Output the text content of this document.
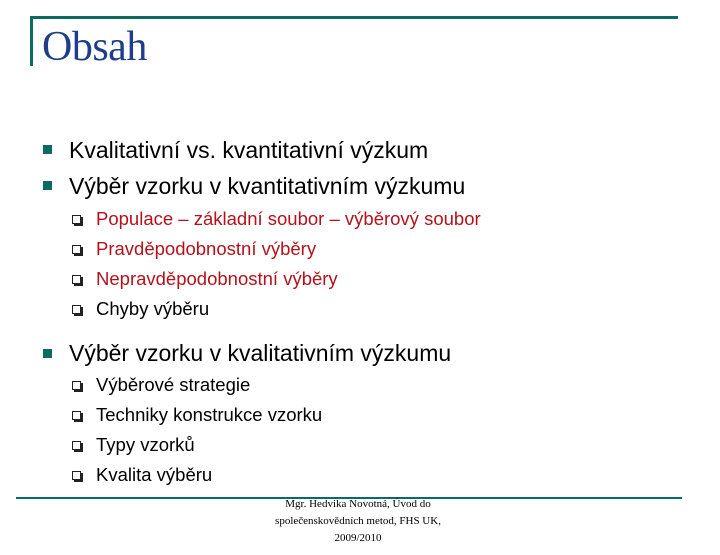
Obsah
Kvalitativní vs. kvantitativní výzkum
Výběr vzorku v kvantitativním výzkumu
Populace – základní soubor – výběrový soubor
Pravděpodobnostní výběry
Nepravděpodobnostní výběry
Chyby výběru
Výběr vzorku v kvalitativním výzkumu
Výběrové strategie
Techniky konstrukce vzorku
Typy vzorků
Kvalita výběru
Mgr. Hedvika Novotná, Úvod do
společenskovědních metod, FHS UK,
2009/2010
